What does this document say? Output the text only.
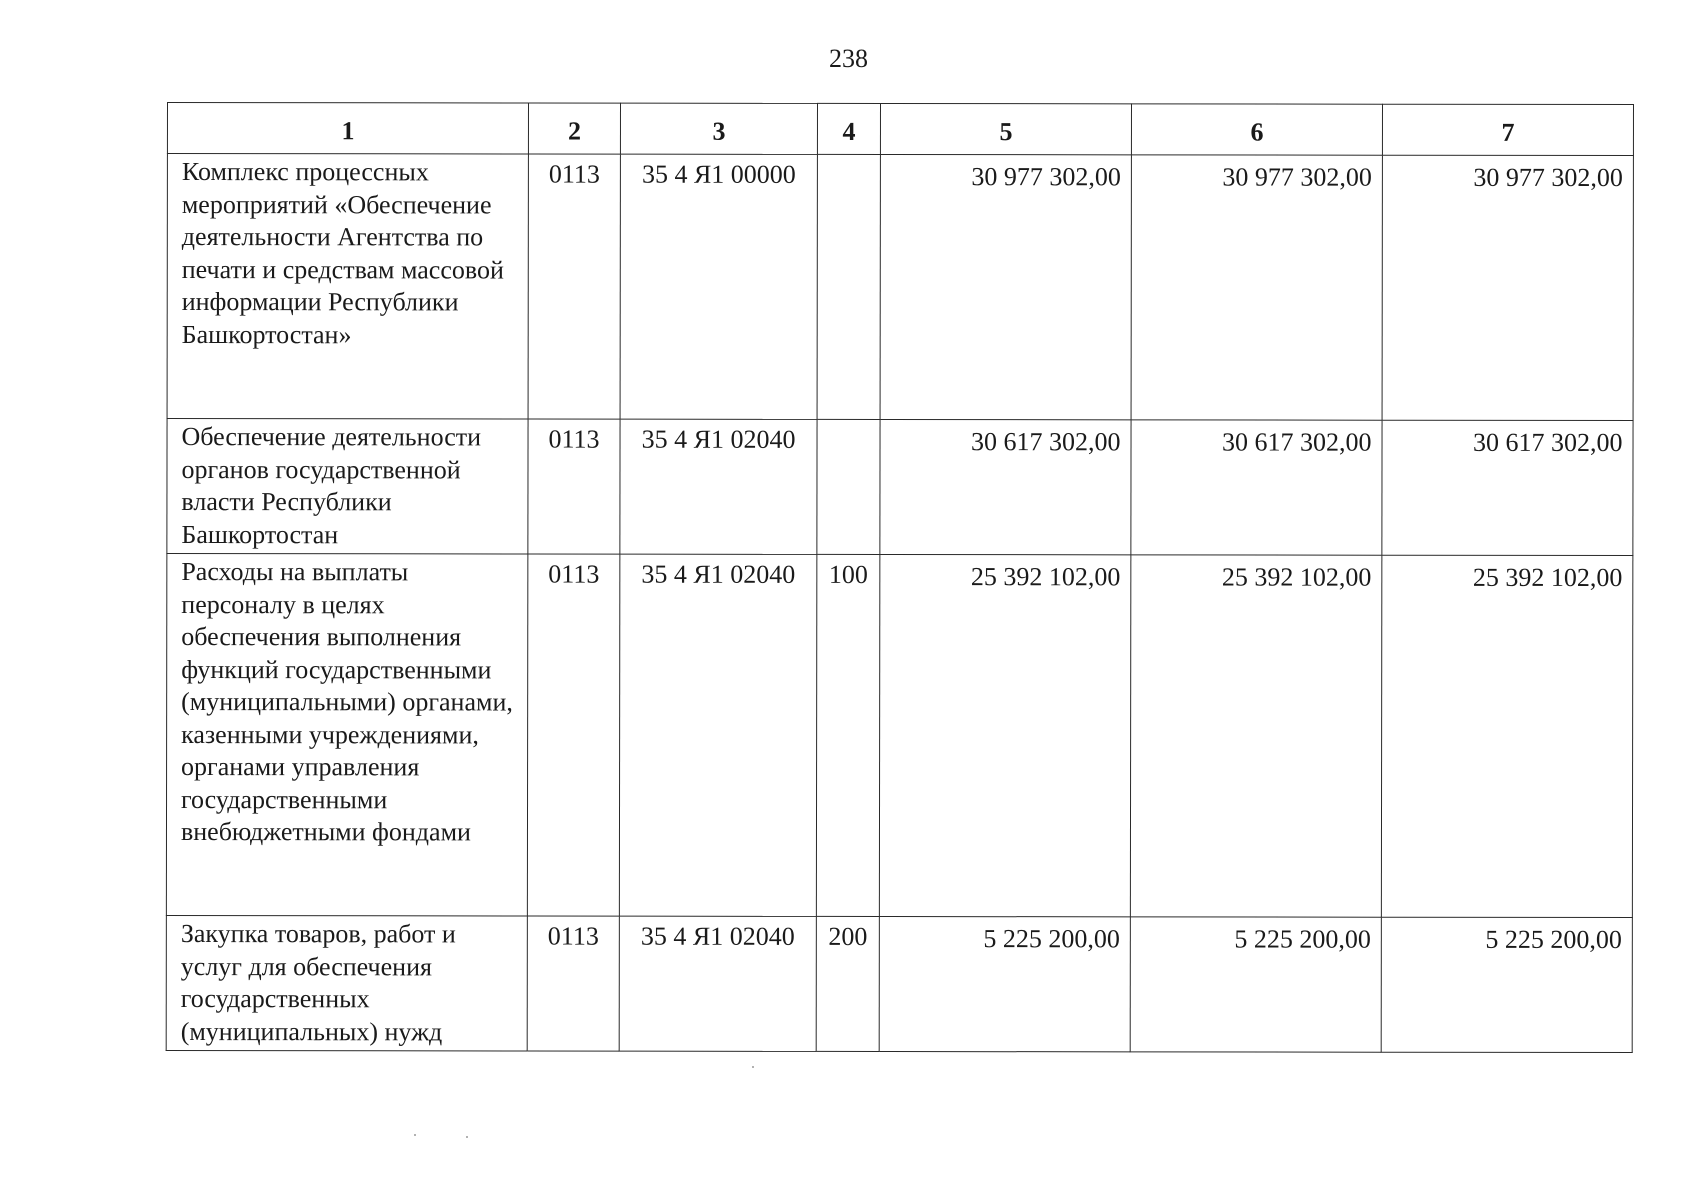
238
1	2	3	4	5	6	7
Комплекс процессных мероприятий «Обеспечение деятельности Агентства по печати и средствам массовой информации Республики Башкортостан»	0113	35 4 Я1 00000		30 977 302,00	30 977 302,00	30 977 302,00
Обеспечение деятельности органов государственной власти Республики Башкортостан	0113	35 4 Я1 02040		30 617 302,00	30 617 302,00	30 617 302,00
Расходы на выплаты персоналу в целях обеспечения выполнения функций государственными (муниципальными) органами, казенными учреждениями, органами управления государственными внебюджетными фондами	0113	35 4 Я1 02040	100	25 392 102,00	25 392 102,00	25 392 102,00
Закупка товаров, работ и услуг для обеспечения государственных (муниципальных) нужд	0113	35 4 Я1 02040	200	5 225 200,00	5 225 200,00	5 225 200,00
